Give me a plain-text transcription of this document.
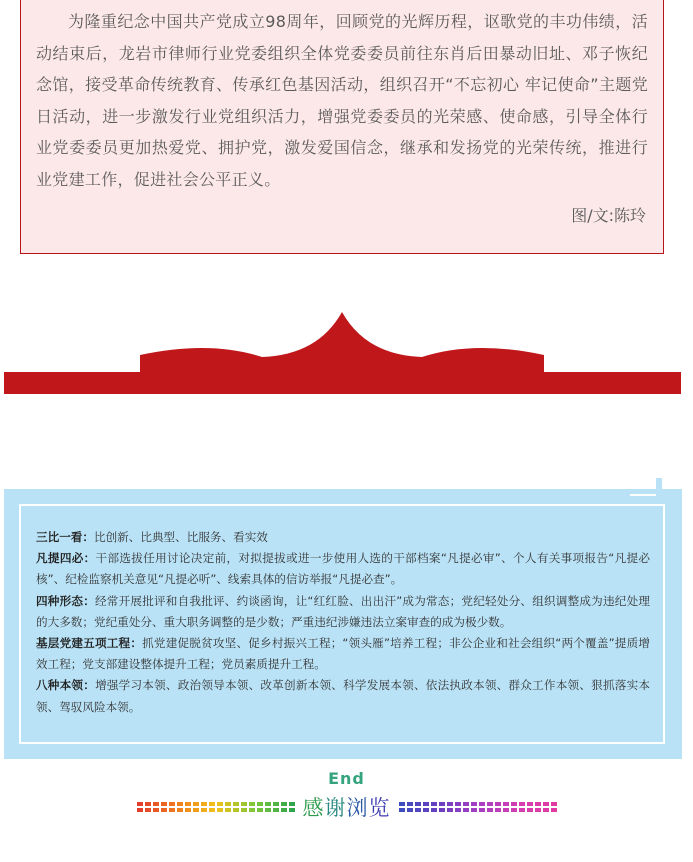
为隆重纪念中国共产党成立98周年，回顾党的光辉历程，讴歌党的丰功伟绩，活动结束后，龙岩市律师行业党委组织全体党委委员前往东肖后田暴动旧址、邓子恢纪念馆，接受革命传统教育、传承红色基因活动，组织召开“不忘初心 牢记使命”主题党日活动，进一步激发行业党组织活力，增强党委委员的光荣感、使命感，引导全体行业党委委员更加热爱党、拥护党，激发爱国信念，继承和发扬党的光荣传统，推进行业党建工作，促进社会公平正义。

图/文:陈玲

三比一看：比创新、比典型、比服务、看实效

凡提四必：干部选拔任用讨论决定前，对拟提拔或进一步使用人选的干部档案“凡提必审”、个人有关事项报告“凡提必核”、纪检监察机关意见“凡提必听”、线索具体的信访举报“凡提必查”。

四种形态：经常开展批评和自我批评、约谈函询，让“红红脸、出出汗”成为常态；党纪轻处分、组织调整成为违纪处理的大多数；党纪重处分、重大职务调整的是少数；严重违纪涉嫌违法立案审查的成为极少数。

基层党建五项工程：抓党建促脱贫攻坚、促乡村振兴工程；“领头雁”培养工程；非公企业和社会组织“两个覆盖”提质增效工程；党支部建设整体提升工程；党员素质提升工程。

八种本领：增强学习本领、政治领导本领、改革创新本领、科学发展本领、依法执政本领、群众工作本领、狠抓落实本领、驾驭风险本领。

End
感谢浏览
